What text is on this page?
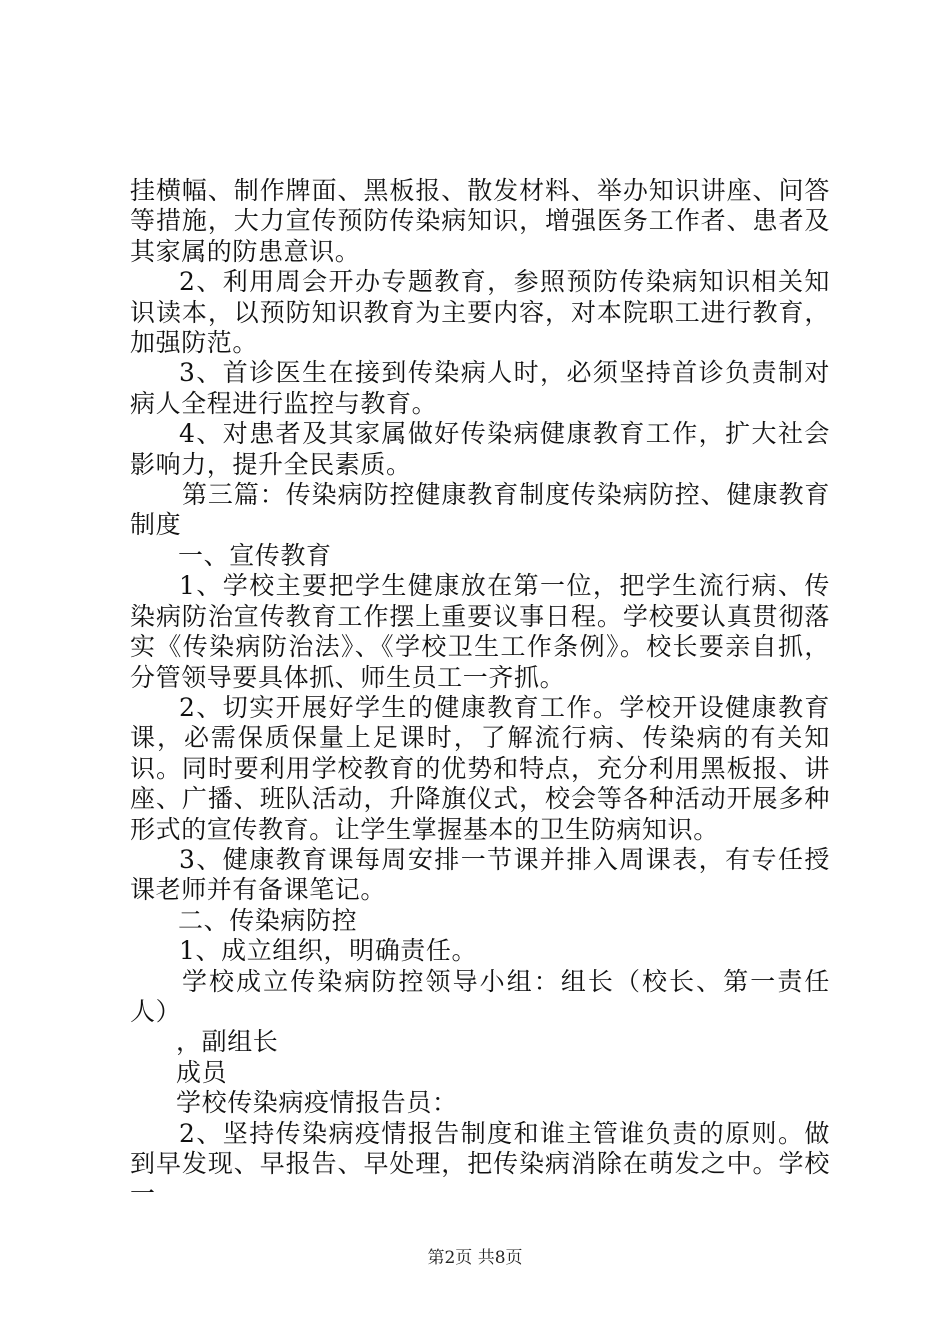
挂横幅、制作牌面、黑板报、散发材料、举办知识讲座、问答等措施，大力宣传预防传染病知识，增强医务工作者、患者及其家属的防患意识。

2、利用周会开办专题教育，参照预防传染病知识相关知识读本，以预防知识教育为主要内容，对本院职工进行教育，加强防范。

3、首诊医生在接到传染病人时，必须坚持首诊负责制对病人全程进行监控与教育。

4、对患者及其家属做好传染病健康教育工作，扩大社会影响力，提升全民素质。

第三篇：传染病防控健康教育制度传染病防控、健康教育制度

一、宣传教育

1、学校主要把学生健康放在第一位，把学生流行病、传染病防治宣传教育工作摆上重要议事日程。学校要认真贯彻落实《传染病防治法》、《学校卫生工作条例》。校长要亲自抓，分管领导要具体抓、师生员工一齐抓。

2、切实开展好学生的健康教育工作。学校开设健康教育课，必需保质保量上足课时，了解流行病、传染病的有关知识。同时要利用学校教育的优势和特点，充分利用黑板报、讲座、广播、班队活动，升降旗仪式，校会等各种活动开展多种形式的宣传教育。让学生掌握基本的卫生防病知识。

3、健康教育课每周安排一节课并排入周课表，有专任授课老师并有备课笔记。

二、传染病防控

1、成立组织，明确责任。

学校成立传染病防控领导小组：组长（校长、第一责任人）

，副组长

成员

学校传染病疫情报告员：

2、坚持传染病疫情报告制度和谁主管谁负责的原则。做到早发现、早报告、早处理，把传染病消除在萌发之中。学校一

第2页 共8页
